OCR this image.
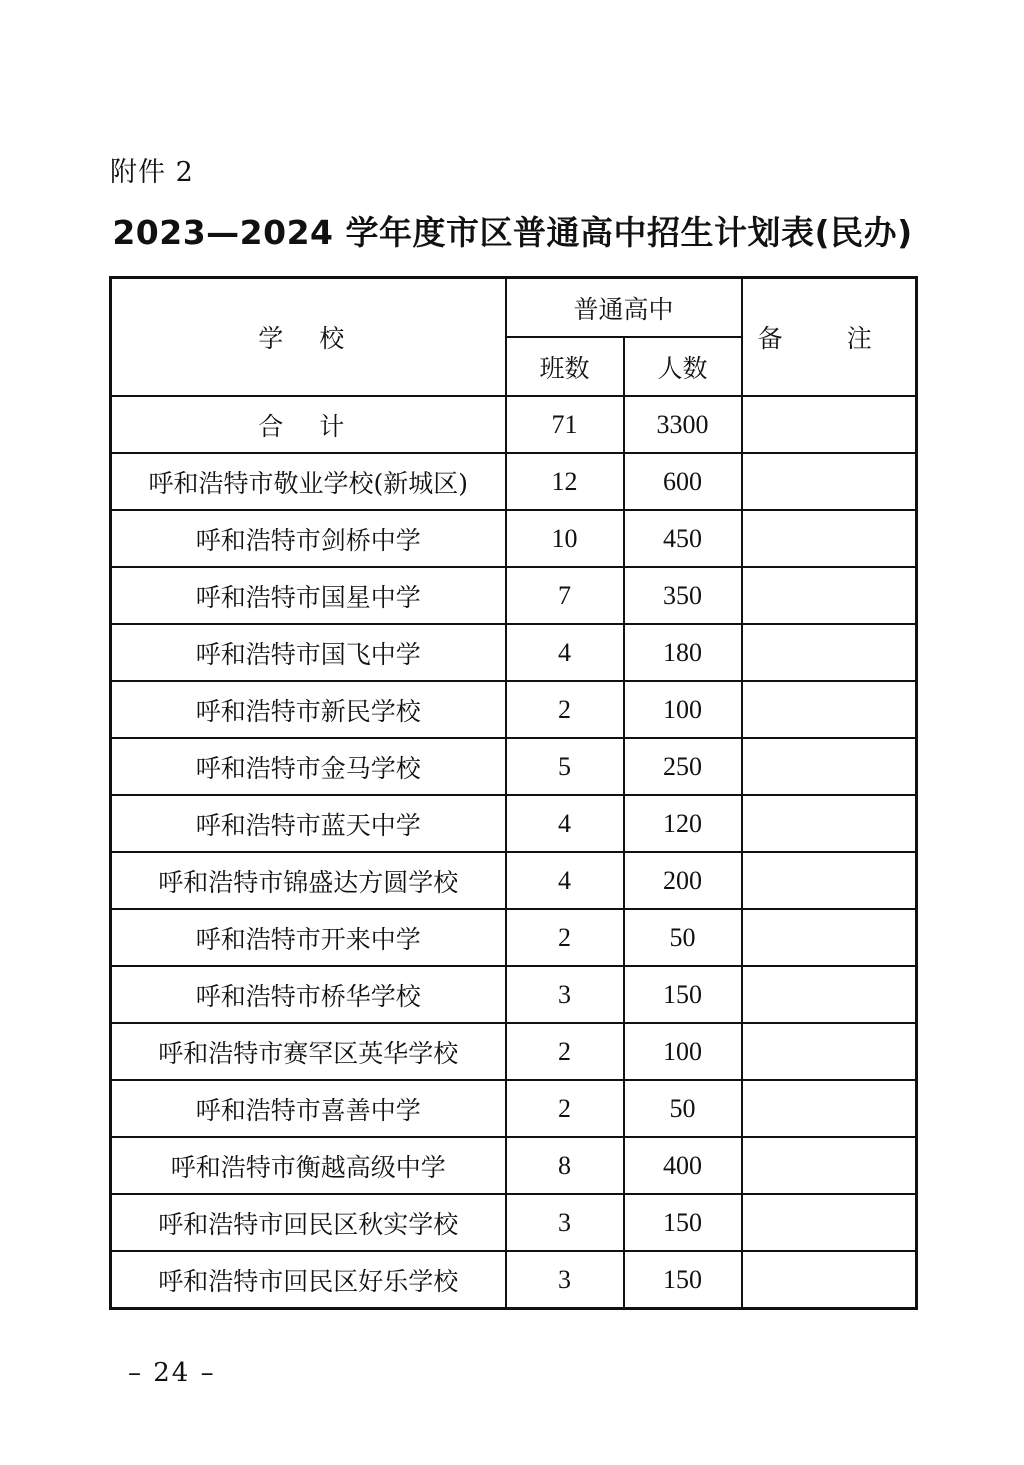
附件 2
2023—2024 学年度市区普通高中招生计划表(民办)
学 校	普通高中		备 注
	班数	人数	
合 计	71	3300	
呼和浩特市敬业学校(新城区)	12	600	
呼和浩特市剑桥中学	10	450	
呼和浩特市国星中学	7	350	
呼和浩特市国飞中学	4	180	
呼和浩特市新民学校	2	100	
呼和浩特市金马学校	5	250	
呼和浩特市蓝天中学	4	120	
呼和浩特市锦盛达方圆学校	4	200	
呼和浩特市开来中学	2	50	
呼和浩特市桥华学校	3	150	
呼和浩特市赛罕区英华学校	2	100	
呼和浩特市喜善中学	2	50	
呼和浩特市衡越高级中学	8	400	
呼和浩特市回民区秋实学校	3	150	
呼和浩特市回民区好乐学校	3	150	
– 24 –
